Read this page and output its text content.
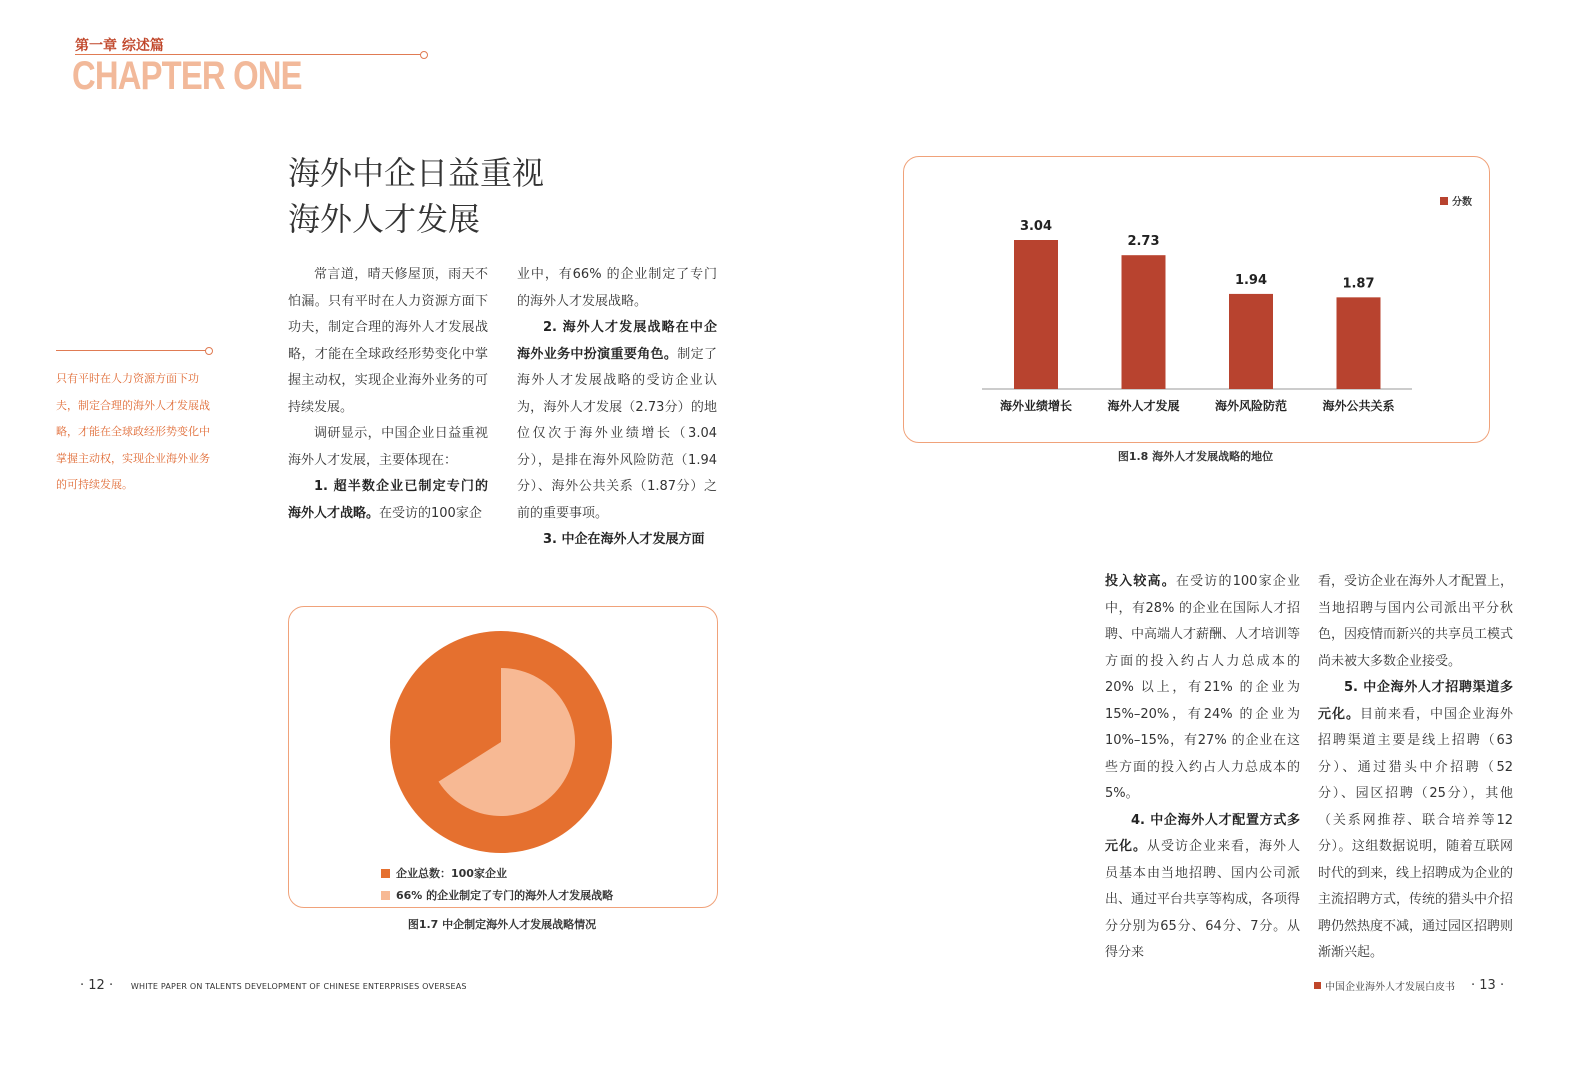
第一章 综述篇
CHAPTER ONE
海外中企日益重视
海外人才发展
只有平时在人力资源方面下功夫，制定合理的海外人才发展战略，才能在全球政经形势变化中掌握主动权，实现企业海外业务的可持续发展。

常言道，晴天修屋顶，雨天不怕漏。只有平时在人力资源方面下功夫，制定合理的海外人才发展战略，才能在全球政经形势变化中掌握主动权，实现企业海外业务的可持续发展。

调研显示，中国企业日益重视海外人才发展，主要体现在：

1. 超半数企业已制定专门的海外人才战略。在受访的100家企

业中，有66% 的企业制定了专门的海外人才发展战略。

2. 海外人才发展战略在中企海外业务中扮演重要角色。制定了海外人才发展战略的受访企业认为，海外人才发展（2.73分）的地位仅次于海外业绩增长（3.04分），是排在海外风险防范（1.94分）、海外公共关系（1.87分）之前的重要事项。

3. 中企在海外人才发展方面

3.04
海外业绩增长
2.73
海外人才发展
1.94
海外风险防范
1.87
海外公共关系
分数
图1.8 海外人才发展战略的地位
企业总数：100家企业
66% 的企业制定了专门的海外人才发展战略
图1.7 中企制定海外人才发展战略情况

投入较高。在受访的100家企业中，有28% 的企业在国际人才招聘、中高端人才薪酬、人才培训等方面的投入约占人力总成本的20% 以上，有21% 的企业为15%–20%，有24% 的企业为10%–15%，有27% 的企业在这些方面的投入约占人力总成本的5%。

4. 中企海外人才配置方式多元化。从受访企业来看，海外人员基本由当地招聘、国内公司派出、通过平台共享等构成，各项得分分别为65分、64分、7分。从得分来

看，受访企业在海外人才配置上，当地招聘与国内公司派出平分秋色，因疫情而新兴的共享员工模式尚未被大多数企业接受。

5. 中企海外人才招聘渠道多元化。目前来看，中国企业海外招聘渠道主要是线上招聘（63分）、通过猎头中介招聘（52分）、园区招聘（25分），其他（关系网推荐、联合培养等12分）。这组数据说明，随着互联网时代的到来，线上招聘成为企业的主流招聘方式，传统的猎头中介招聘仍然热度不减，通过园区招聘则渐渐兴起。

· 12 · WHITE PAPER ON TALENTS DEVELOPMENT OF CHINESE ENTERPRISES OVERSEAS	中国企业海外人才发展白皮书 · 13 ·
